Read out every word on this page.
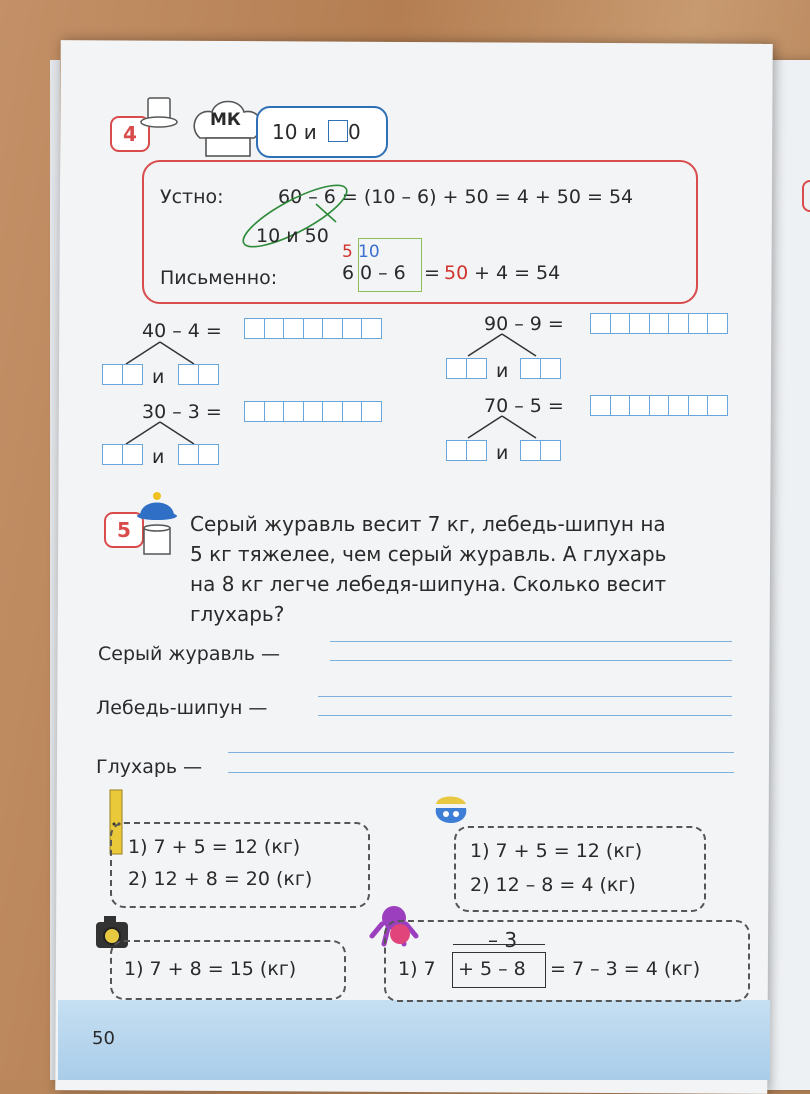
4
МК 10 и 0
Устно:	60 – 6 = (10 – 6) + 50 = 4 + 50 = 54
10 и 50
Письменно:
5 10
6 0 – 6 = 50 + 4 = 54
40 – 4 =
и
90 – 9 =
и
30 – 3 =
и
70 – 5 =
и
5	Серый журавль весит 7 кг, лебедь-шипун на
5 кг тяжелее, чем серый журавль. А глухарь
на 8 кг легче лебедя-шипуна. Сколько весит
глухарь?
Серый журавль —
Лебедь-шипун —
Глухарь —
1) 7 + 5 = 12 (кг)
2) 12 + 8 = 20 (кг)
1) 7 + 5 = 12 (кг)
2) 12 – 8 = 4 (кг)
1) 7 + 8 = 15 (кг)
– 3
1) 7 + 5 – 8 = 7 – 3 = 4 (кг)
50
